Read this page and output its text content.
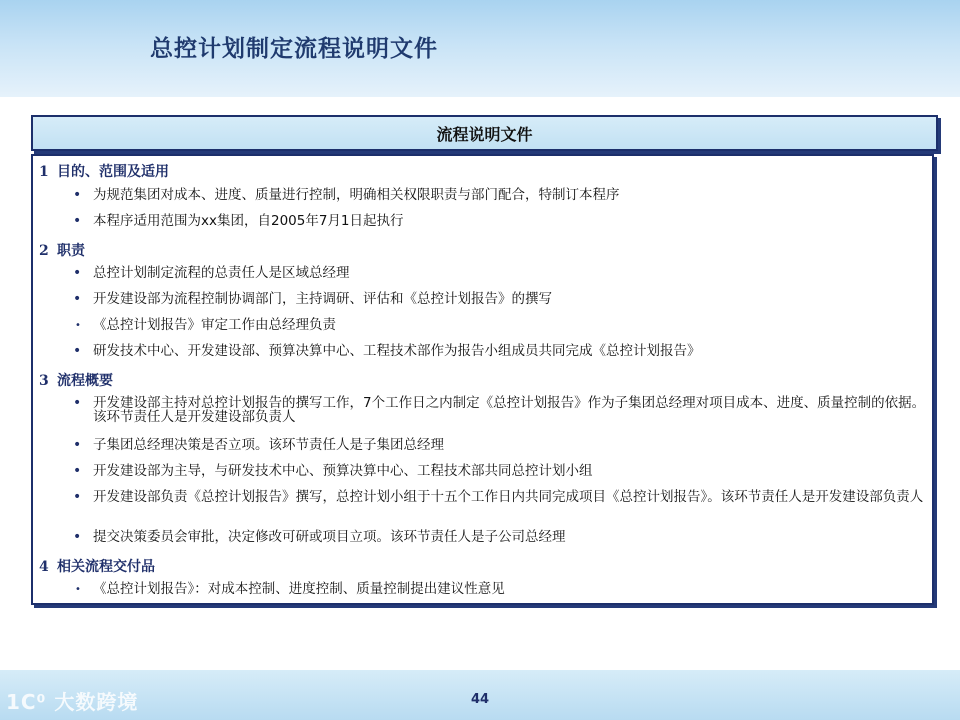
总控计划制定流程说明文件
流程说明文件
1 目的、范围及适用
• 为规范集团对成本、进度、质量进行控制，明确相关权限职责与部门配合，特制订本程序
• 本程序适用范围为xx集团，自2005年7月1日起执行
2 职责
• 总控计划制定流程的总责任人是区域总经理
• 开发建设部为流程控制协调部门，主持调研、评估和《总控计划报告》的撰写
• 《总控计划报告》审定工作由总经理负责
• 研发技术中心、开发建设部、预算决算中心、工程技术部作为报告小组成员共同完成《总控计划报告》
3 流程概要
• 开发建设部主持对总控计划报告的撰写工作，7个工作日之内制定《总控计划报告》作为子集团总经理对项目成本、进度、质量控制的依据。该环节责任人是开发建设部负责人
• 子集团总经理决策是否立项。该环节责任人是子集团总经理
• 开发建设部为主导，与研发技术中心、预算决算中心、工程技术部共同总控计划小组
• 开发建设部负责《总控计划报告》撰写，总控计划小组于十五个工作日内共同完成项目《总控计划报告》。该环节责任人是开发建设部负责人
• 提交决策委员会审批，决定修改可研或项目立项。该环节责任人是子公司总经理
4 相关流程交付品
• 《总控计划报告》：对成本控制、进度控制、质量控制提出建议性意见
1C⁰ 大数跨境	44
